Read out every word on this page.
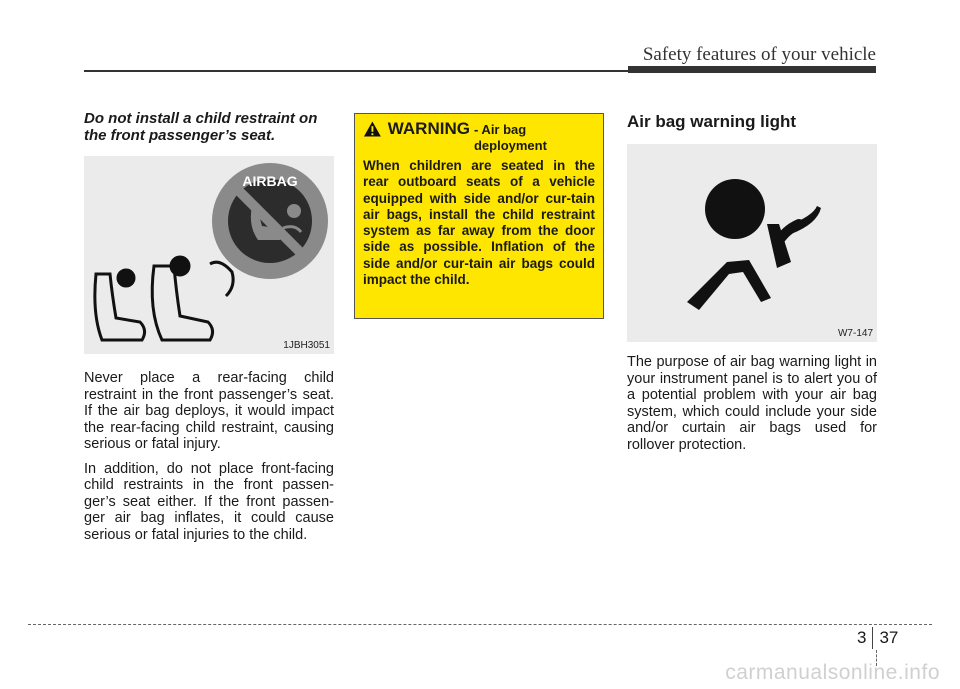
Safety features of your vehicle

Do not install a child restraint on the front passenger’s seat.

AIRBAG
1JBH3051

Never place a rear-facing child restraint in the front passenger’s seat. If the air bag deploys, it would impact the rear-facing child restraint, causing serious or fatal injury.

In addition, do not place front-facing child restraints in the front passen-ger’s seat either. If the front passen-ger air bag inflates, it could cause serious or fatal injuries to the child.

WARNING - Air bag deployment
When children are seated in the rear outboard seats of a vehicle equipped with side and/or cur-tain air bags, install the child restraint system as far away from the door side as possible. Inflation of the side and/or cur-tain air bags could impact the child.
Air bag warning light
W7-147

The purpose of air bag warning light in your instrument panel is to alert you of a potential problem with your air bag system, which could include your side and/or curtain air bags used for rollover protection.

3 37
carmanualsonline.info
